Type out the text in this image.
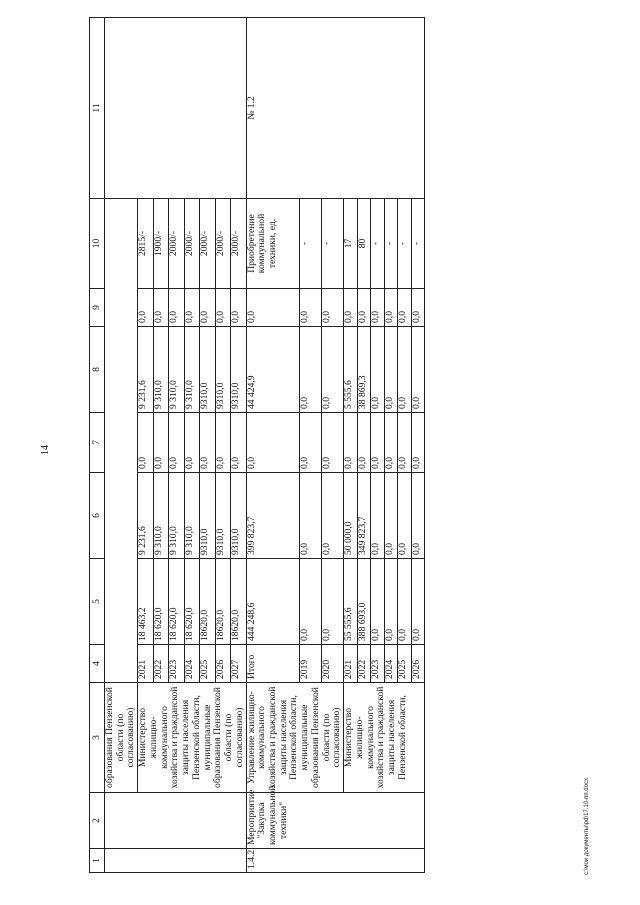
14
1	2	3	4	5	6	7	8	9	10	11
		образования Пензенской области (по согласованию)								
		Министерство жилищно-коммунального хозяйства и гражданской защиты населения Пензенской области, муниципальные образования Пензенской области (по согласованию)	2021	18 463,2	9 231,6	0,0	9 231,6	0,0	2815/-	
			2022	18 620,0	9 310,0	0,0	9 310,0	0,0	1900/-	
			2023	18 620,0	9 310,0	0,0	9 310,0	0,0	2000/-	
			2024	18 620,0	9 310,0	0,0	9 310,0	0,0	2000/-	
			2025	18620,0	9310,0	0,0	9310,0	0,0	2000/-	
			2026	18620,0	9310,0	0,0	9310,0	0,0	2000/-	
			2027	18620,0	9310,0	0,0	9310,0	0,0	2000/-	
1.4.2.	Мероприятие "Закупка коммунальной техники"	Управление жилищно-коммунального хозяйства и гражданской защиты населения Пензенской области, муниципальные образования Пензенской области (по согласованию)	Итого	444 248,6	399 823,7	0,0	44 424,9	0,0	Приобретение коммунальной техники, ед.	№ 1.2
			2019	0,0	0,0	0,0	0,0	0,0	-	
			2020	0,0	0,0	0,0	0,0	0,0	-	
		Министерство жилищно-коммунального хозяйства и гражданской защиты населения Пензенской области,	2021	55 555,6	50 000,0	0,0	5 555,6	0,0	17	
			2022	388 693,0	349 823,7	0,0	38 869,3	0,0	80	
			2023	0,0	0,0	0,0	0,0	0,0	-	
			2024	0,0	0,0	0,0	0,0	0,0	-	
			2025	0,0	0,0	0,0	0,0	0,0	-	
			2026	0,0	0,0	0,0	0,0	0,0	-	
c:\мои документы\pd\17.10-пп.docx
